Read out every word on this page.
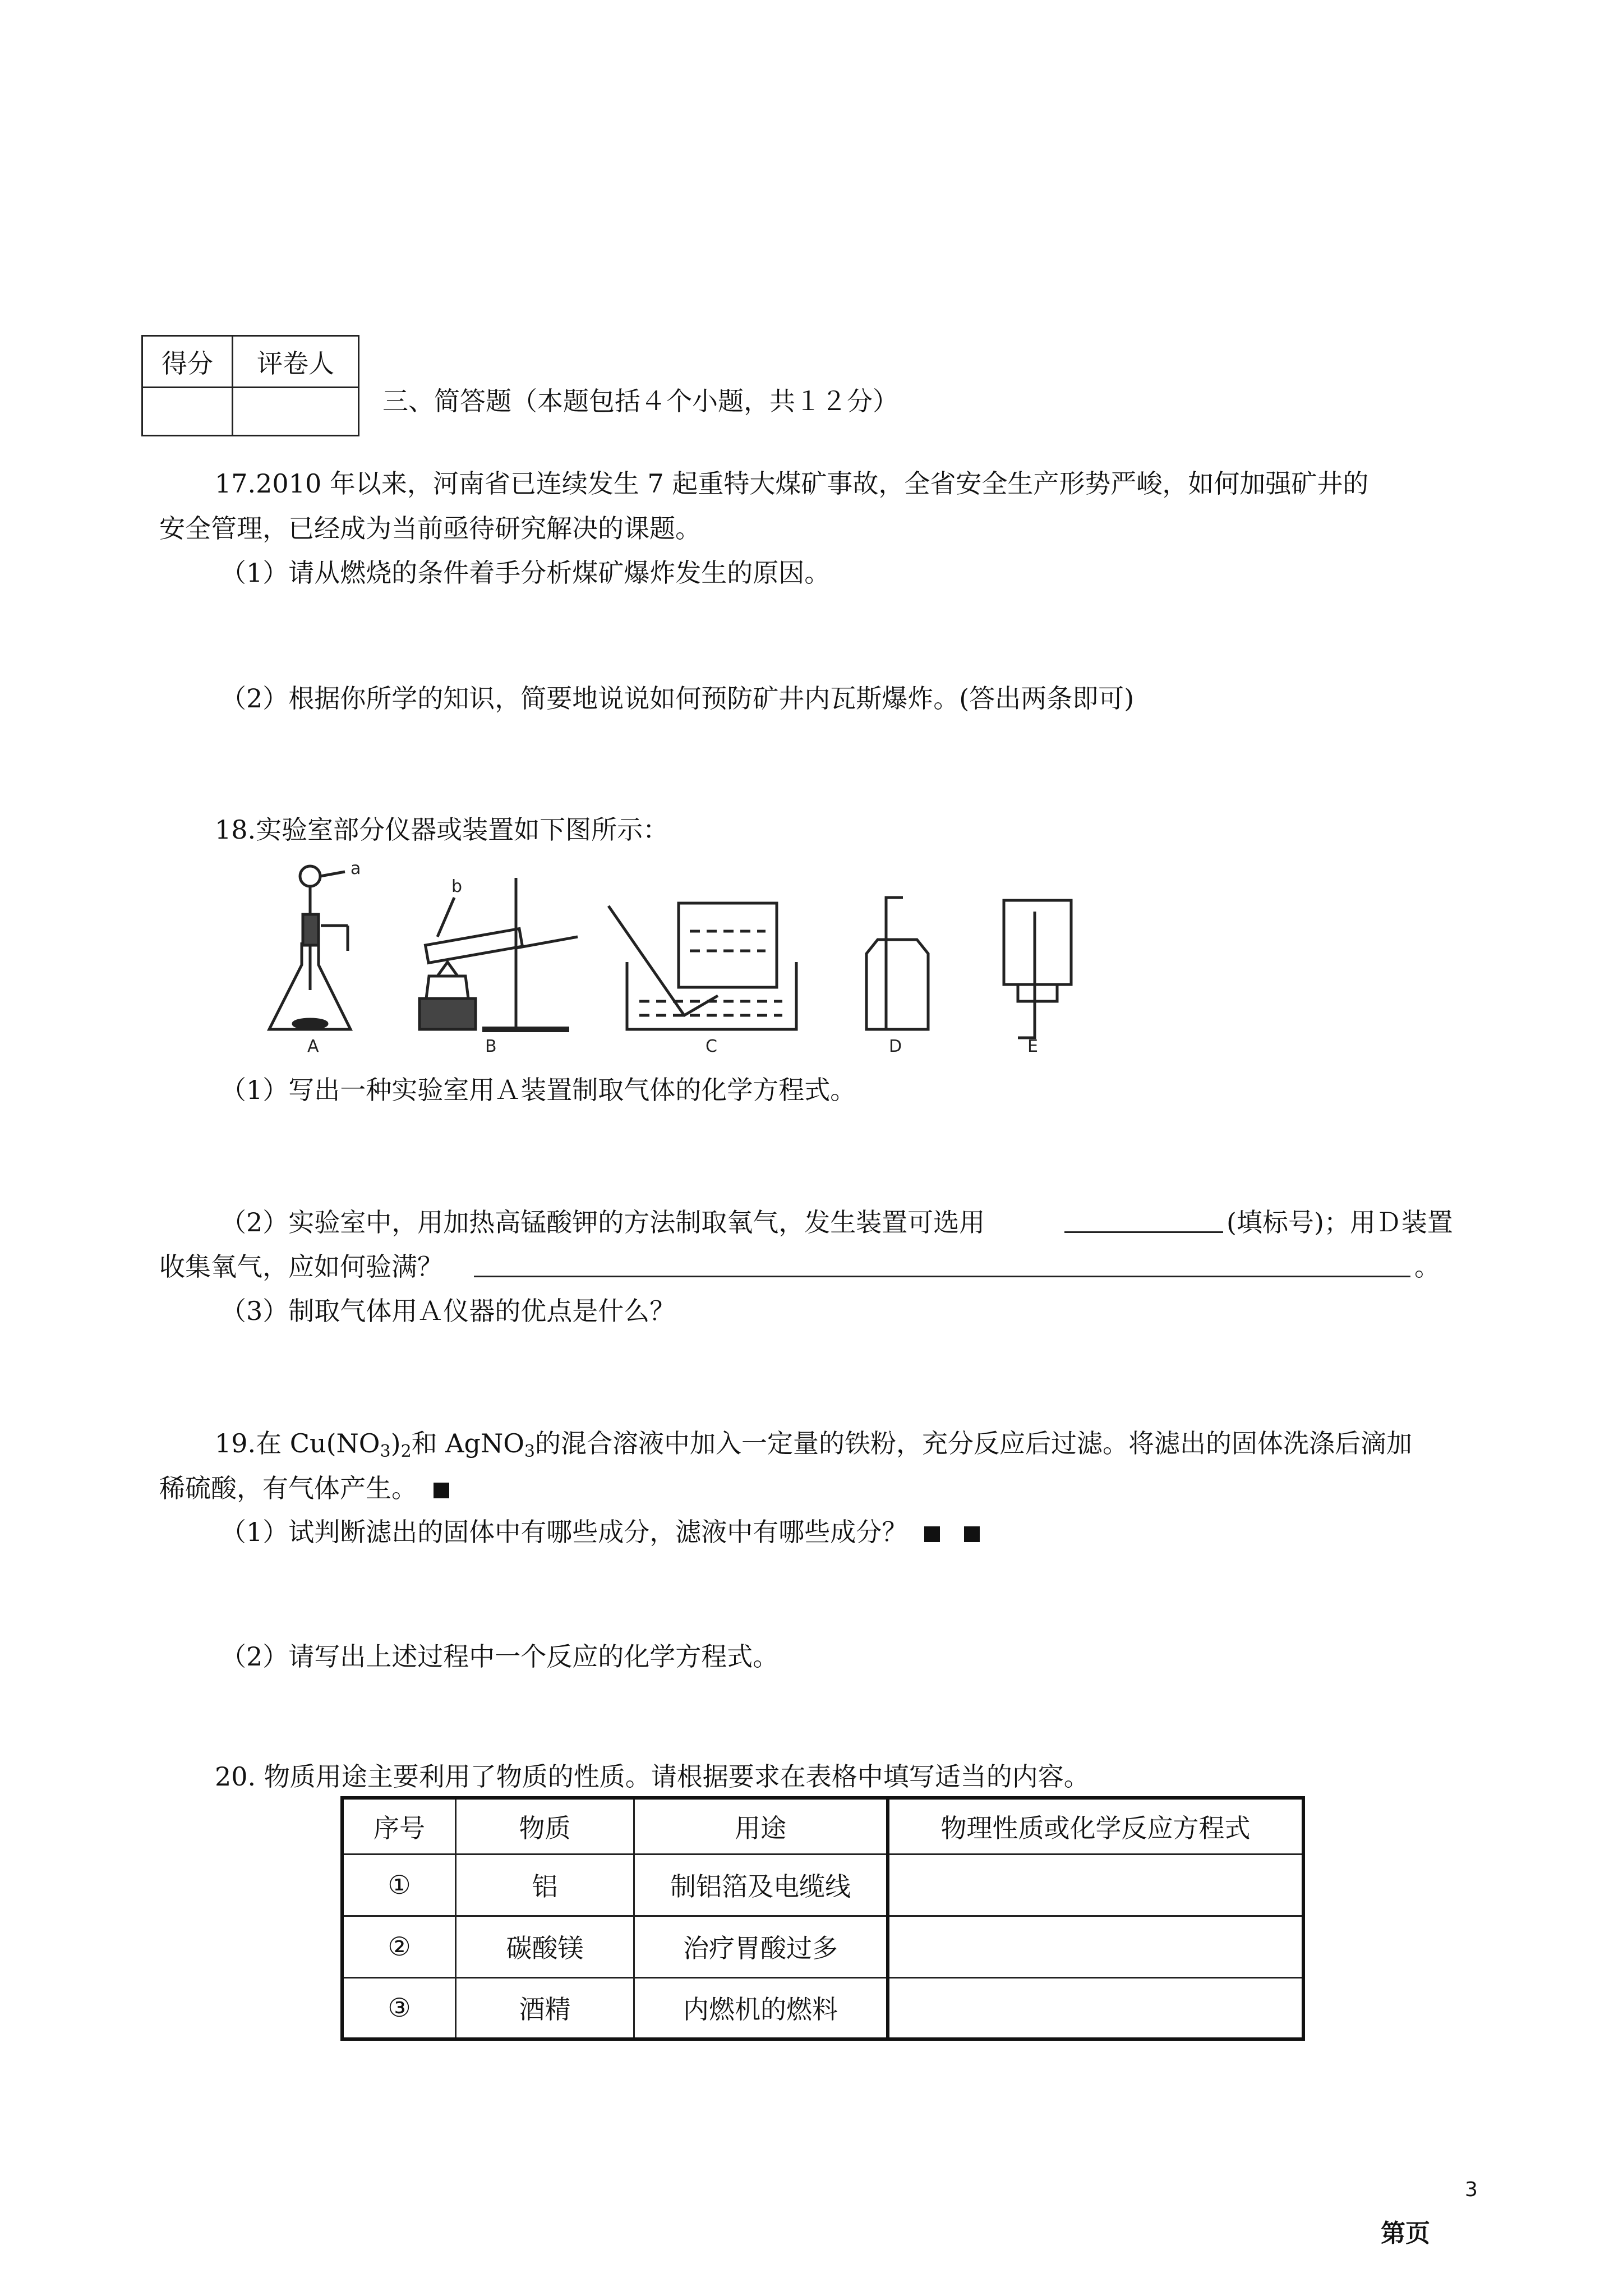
得分	评卷人

三、简答题（本题包括４个小题，共１２分）
17.2010 年以来，河南省已连续发生 7 起重特大煤矿事故，全省安全生产形势严峻，如何加强矿井的
安全管理，已经成为当前亟待研究解决的课题。
（1）请从燃烧的条件着手分析煤矿爆炸发生的原因。
（2）根据你所学的知识，简要地说说如何预防矿井内瓦斯爆炸。(答出两条即可)
18.实验室部分仪器或装置如下图所示：
a
b
A	B	C	D	E
（1）写出一种实验室用Ａ装置制取气体的化学方程式。
（2）实验室中，用加热高锰酸钾的方法制取氧气，发生装置可选用	(填标号)；用Ｄ装置
收集氧气，应如何验满？	。
（3）制取气体用Ａ仪器的优点是什么？
19.在 $Cu(NO_3)_2$和 AgNO$_3$的混合溶液中加入一定量的铁粉，充分反应后过滤。将滤出的固体洗涤后滴加
稀硫酸，有气体产生。
（1）试判断滤出的固体中有哪些成分，滤液中有哪些成分？
（2）请写出上述过程中一个反应的化学方程式。
20. 物质用途主要利用了物质的性质。请根据要求在表格中填写适当的内容。
序号	物质	用途	物理性质或化学反应方程式
①	铝	制铝箔及电缆线	
②	碳酸镁	治疗胃酸过多	
③	酒精	内燃机的燃料	
3
第页
